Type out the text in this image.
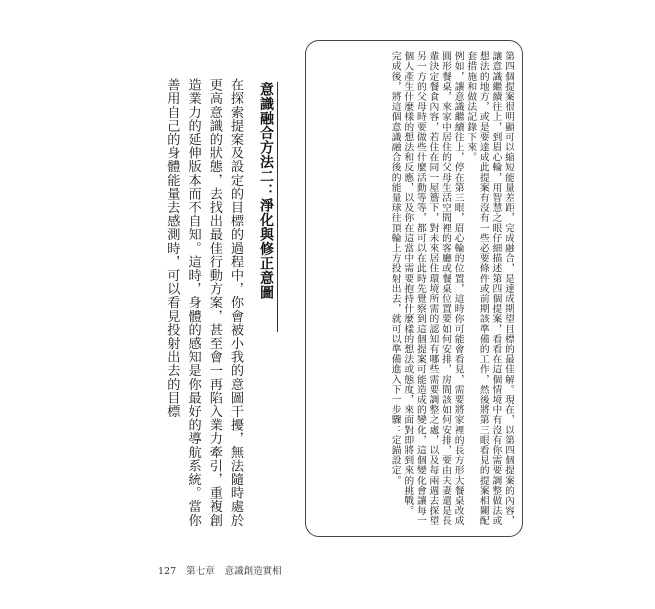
第四個提案很明顯可以縮短能量差距，完成融合，是達成期望目標的最佳解。現在，以第四個提案的內容，讓意識繼續往上，到眉心輪，用智慧之眼仔細描述第四個提案，看看在這個情境中有沒有你需要調整做法或想法的地方，或是要達成此提案有沒有一些必要條件或前期該準備的工作，然後將第三眼看見的提案相關配套措施和做法記錄下來。

例如，讓意識繼續往上，停在第三眼，眉心輪的位置，這時你可能會看見，需要將家裡的長方形大餐桌改成圓形餐桌，來家中居住的父母生活空間裡的客廳或餐桌位置要如何安排，房間該如何安排，要由夫妻還是長輩決定餐食內容，若住在同一屋簷下，對未來居住環境所需的認知有哪些需要調整之處，以及每兩週去探望另一方的父母時要做些什麼活動等等，都可以在此時先覺察到這個提案可能造成的變化，這個變化會讓每一個人產生什麼樣的想法和反應，以及你在這當中需要抱持什麼樣的想法或態度，來面對即將到來的挑戰。

完成後，將這個意識融合後的能量球往頂輪上方投射出去，就可以準備進入下一步驟：定錨設定。

意識融合方法二：淨化與修正意圖

在探索提案及設定的目標的過程中，你會被小我的意圖干擾，無法隨時處於更高意識的狀態，去找出最佳行動方案，甚至會一再陷入業力牽引，重複創造業力的延伸版本而不自知。這時，身體的感知是你最好的導航系統。當你善用自己的身體能量去感測時，可以看見投射出去的目標

127 第七章 意識創造實相
